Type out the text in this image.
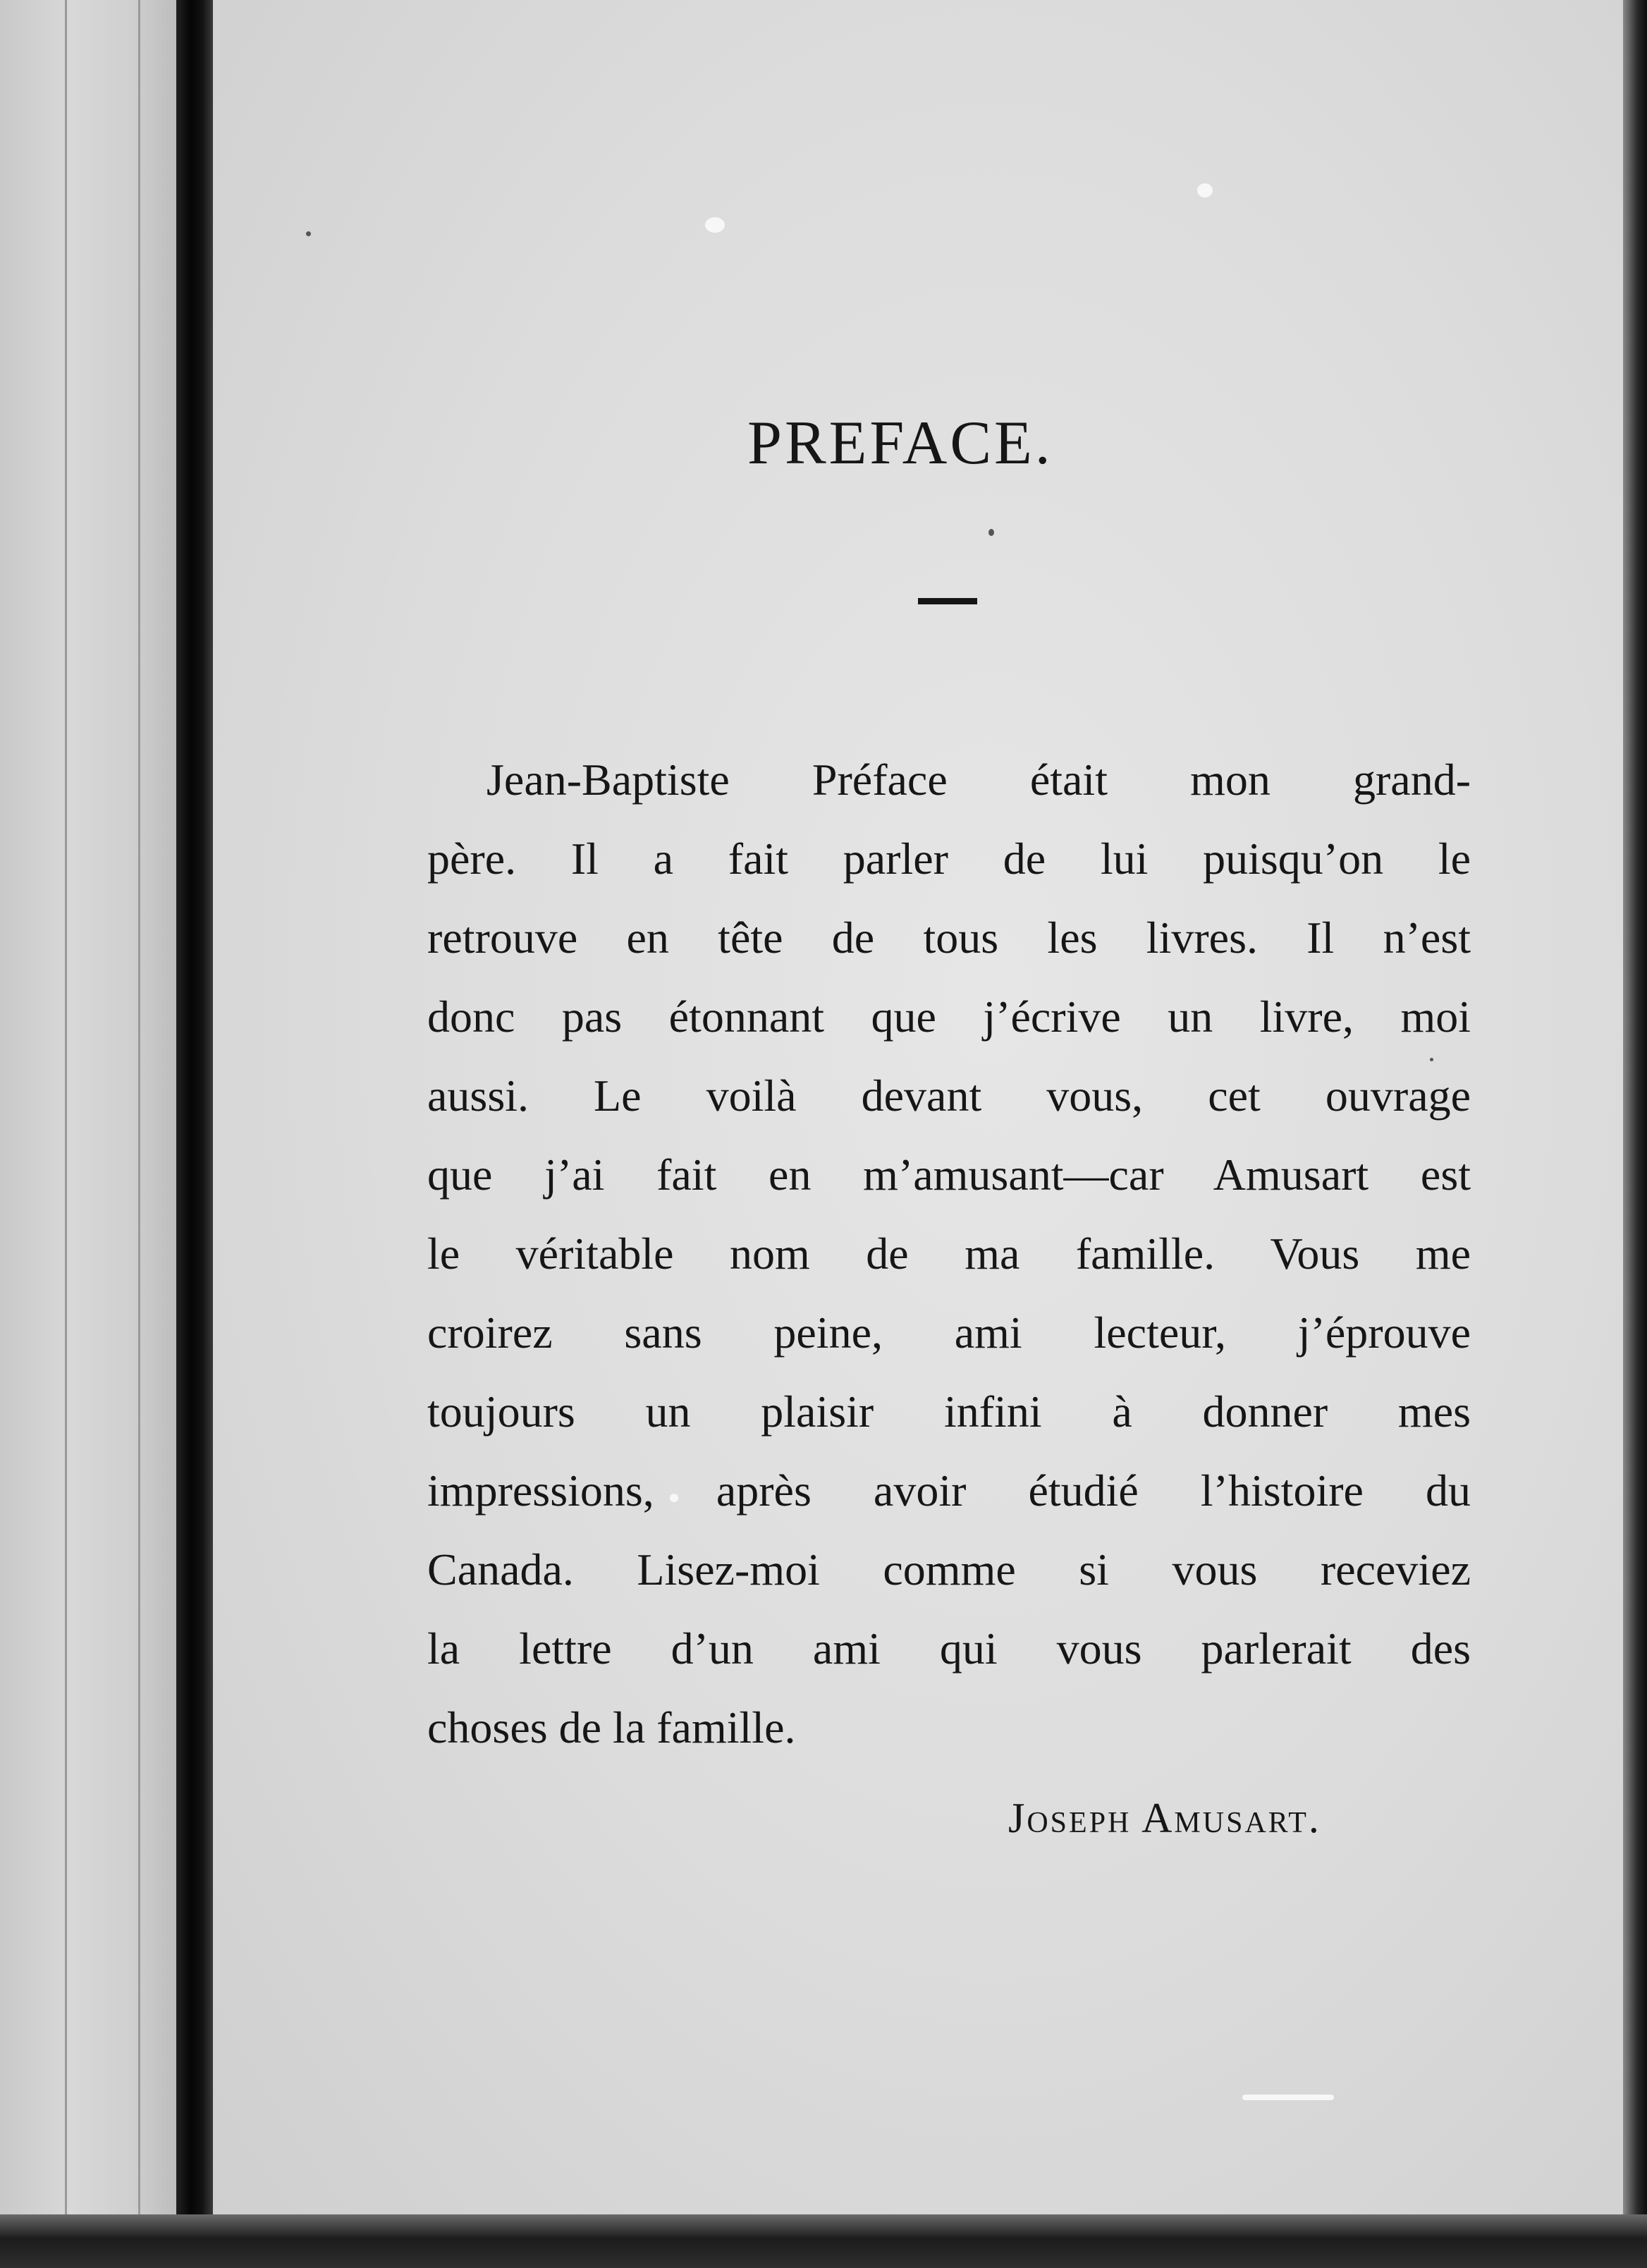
PREFACE.

Jean-Baptiste Préface était mon grand-
père. Il a fait parler de lui puisqu’on le
retrouve en tête de tous les livres. Il n’est
donc pas étonnant que j’écrive un livre, moi
aussi. Le voilà devant vous, cet ouvrage
que j’ai fait en m’amusant—car Amusart est
le véritable nom de ma famille. Vous me
croirez sans peine, ami lecteur, j’éprouve
toujours un plaisir infini à donner mes
impressions, après avoir étudié l’histoire du
Canada. Lisez-moi comme si vous receviez
la lettre d’un ami qui vous parlerait des
choses de la famille.

Joseph Amusart.
